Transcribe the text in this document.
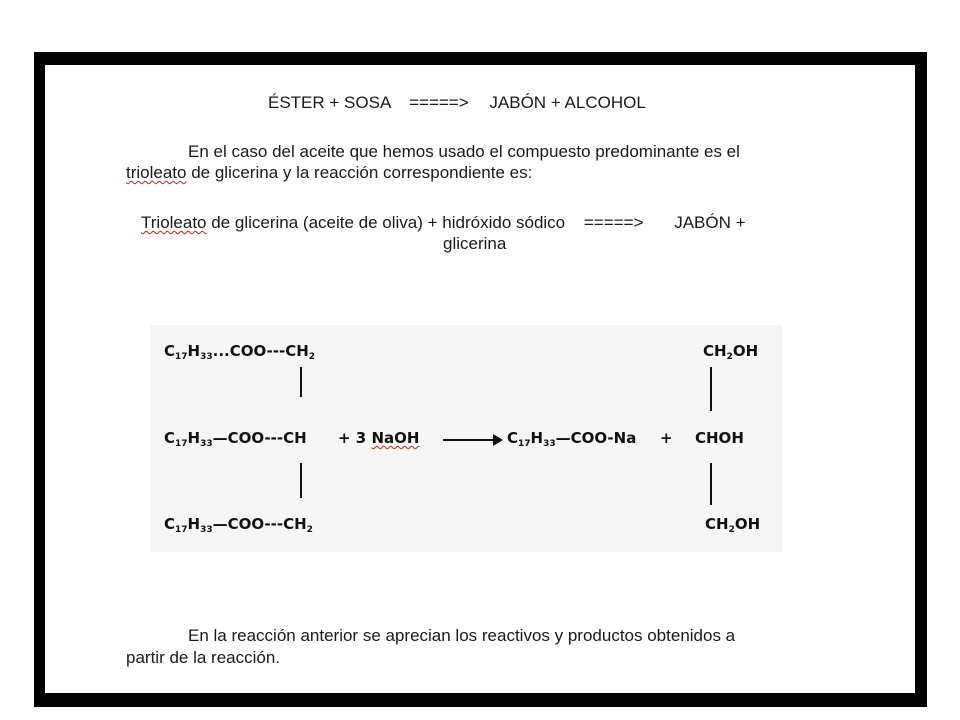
ÉSTER + SOSA =====> JABÓN + ALCOHOL
En el caso del aceite que hemos usado el compuesto predominante es el
trioleato de glicerina y la reacción correspondiente es:
Trioleato de glicerina (aceite de oliva) + hidróxido sódico =====> JABÓN +
glicerina
$C_{17}H_{33}...COO---CH_2$
$C_{17}H_{33}—COO---CH$
$C_{17}H_{33}—COO---CH_2$
+ 3 NaOH → $C_{17}H_{33}—COO-Na$ +
$CH_2OH$
CHOH
$CH_2OH$
En la reacción anterior se aprecian los reactivos y productos obtenidos a
partir de la reacción.
